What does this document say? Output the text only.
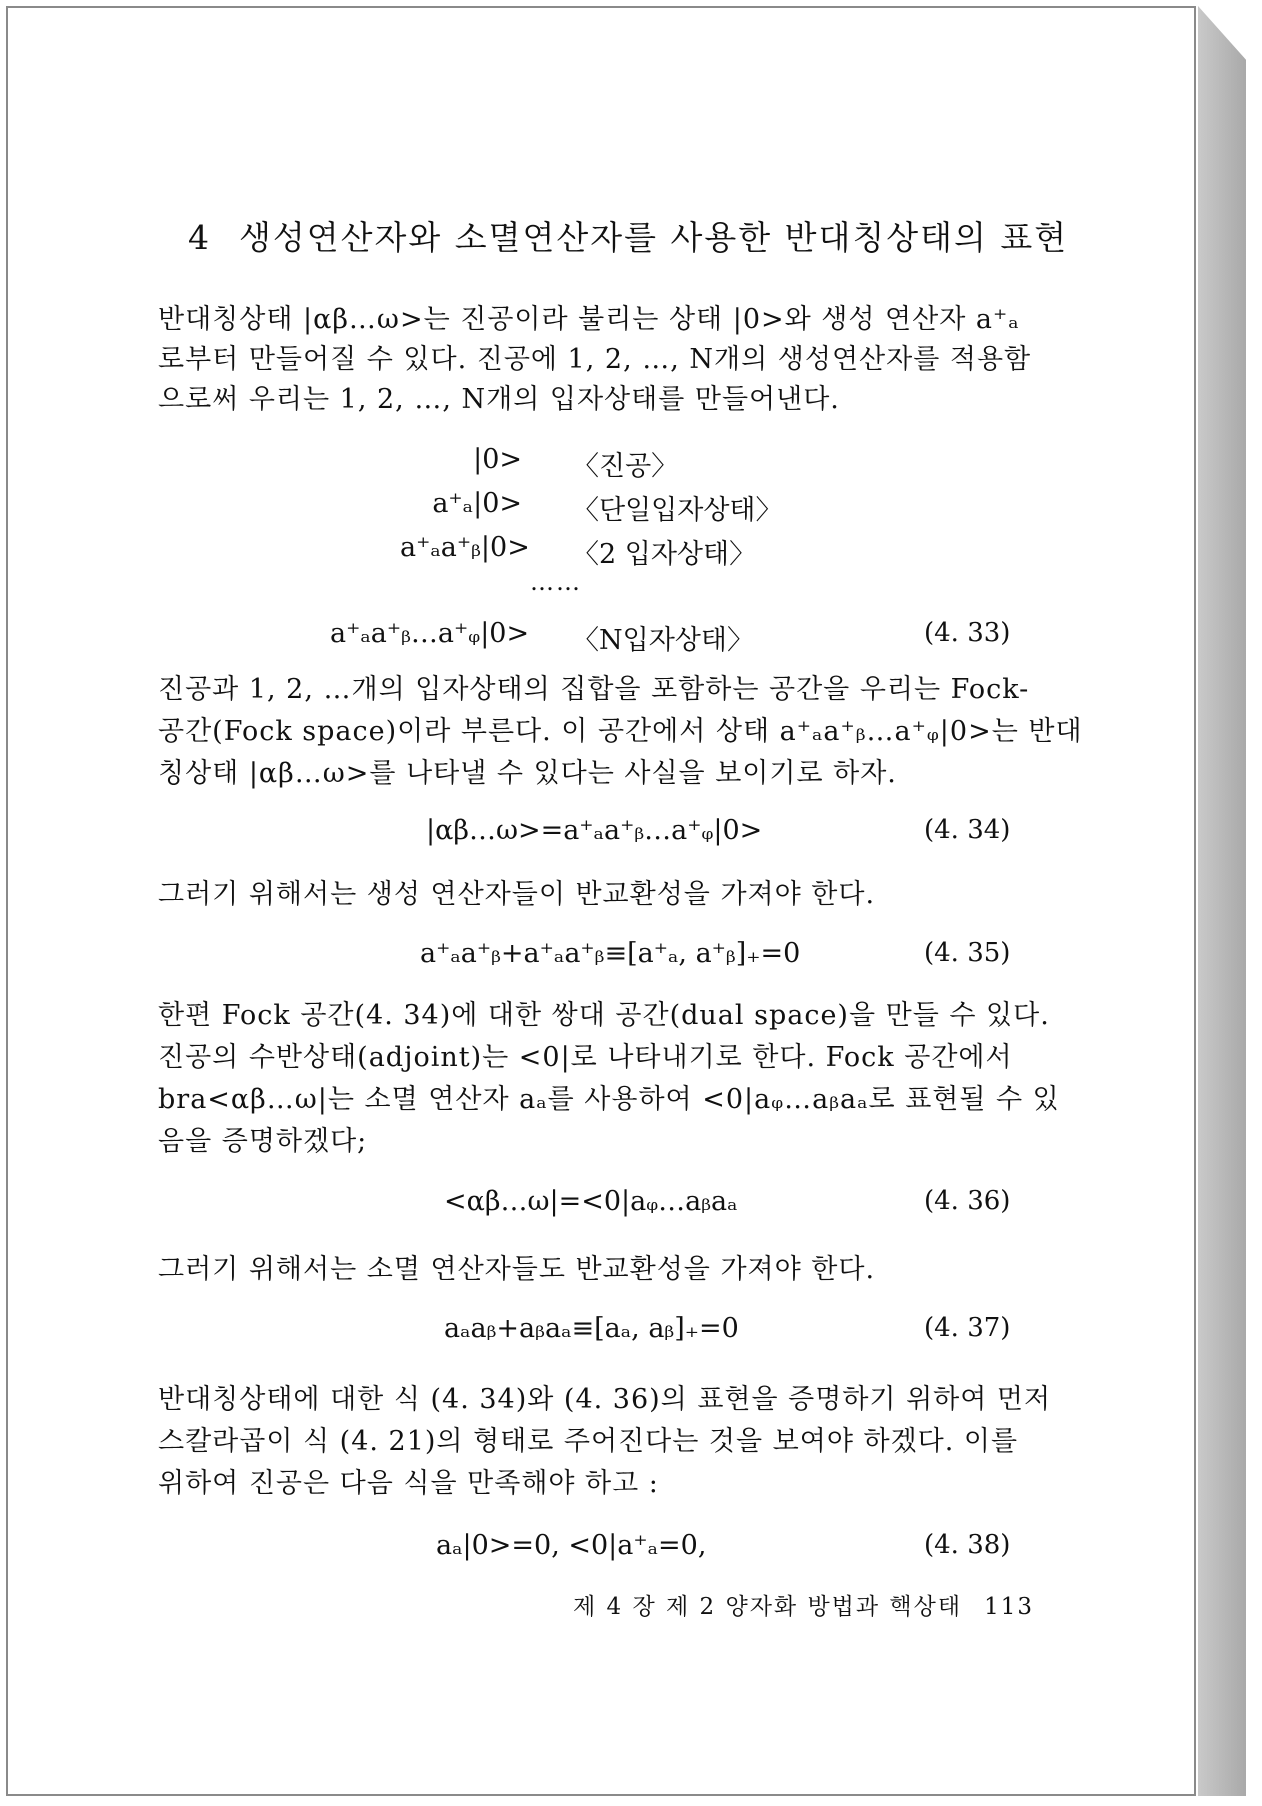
4 생성연산자와 소멸연산자를 사용한 반대칭상태의 표현
반대칭상태 |αβ…ω>는 진공이라 불리는 상태 |0>와 생성 연산자 a⁺ₐ
로부터 만들어질 수 있다. 진공에 1, 2, …, N개의 생성연산자를 적용함
으로써 우리는 1, 2, …, N개의 입자상태를 만들어낸다.
|0> 〈진공〉
a⁺ₐ|0> 〈단일입자상태〉
a⁺ₐa⁺ᵦ|0> 〈2 입자상태〉
……
a⁺ₐa⁺ᵦ…a⁺ᵩ|0> 〈N입자상태〉	(4. 33)
진공과 1, 2, …개의 입자상태의 집합을 포함하는 공간을 우리는 Fock-
공간(Fock space)이라 부른다. 이 공간에서 상태 a⁺ₐa⁺ᵦ…a⁺ᵩ|0>는 반대
칭상태 |αβ…ω>를 나타낼 수 있다는 사실을 보이기로 하자.
|αβ…ω>=a⁺ₐa⁺ᵦ…a⁺ᵩ|0>	(4. 34)
그러기 위해서는 생성 연산자들이 반교환성을 가져야 한다.
a⁺ₐa⁺ᵦ+a⁺ₐa⁺ᵦ≡[a⁺ₐ, a⁺ᵦ]₊=0	(4. 35)
한편 Fock 공간(4. 34)에 대한 쌍대 공간(dual space)을 만들 수 있다.
진공의 수반상태(adjoint)는 <0|로 나타내기로 한다. Fock 공간에서
bra<αβ…ω|는 소멸 연산자 aₐ를 사용하여 <0|aᵩ…aᵦaₐ로 표현될 수 있
음을 증명하겠다;
<αβ…ω|=<0|aᵩ…aᵦaₐ	(4. 36)
그러기 위해서는 소멸 연산자들도 반교환성을 가져야 한다.
aₐaᵦ+aᵦaₐ≡[aₐ, aᵦ]₊=0	(4. 37)
반대칭상태에 대한 식 (4. 34)와 (4. 36)의 표현을 증명하기 위하여 먼저
스칼라곱이 식 (4. 21)의 형태로 주어진다는 것을 보여야 하겠다. 이를
위하여 진공은 다음 식을 만족해야 하고 :
aₐ|0>=0, <0|a⁺ₐ=0,	(4. 38)
제 4 장 제 2 양자화 방법과 핵상태 113
